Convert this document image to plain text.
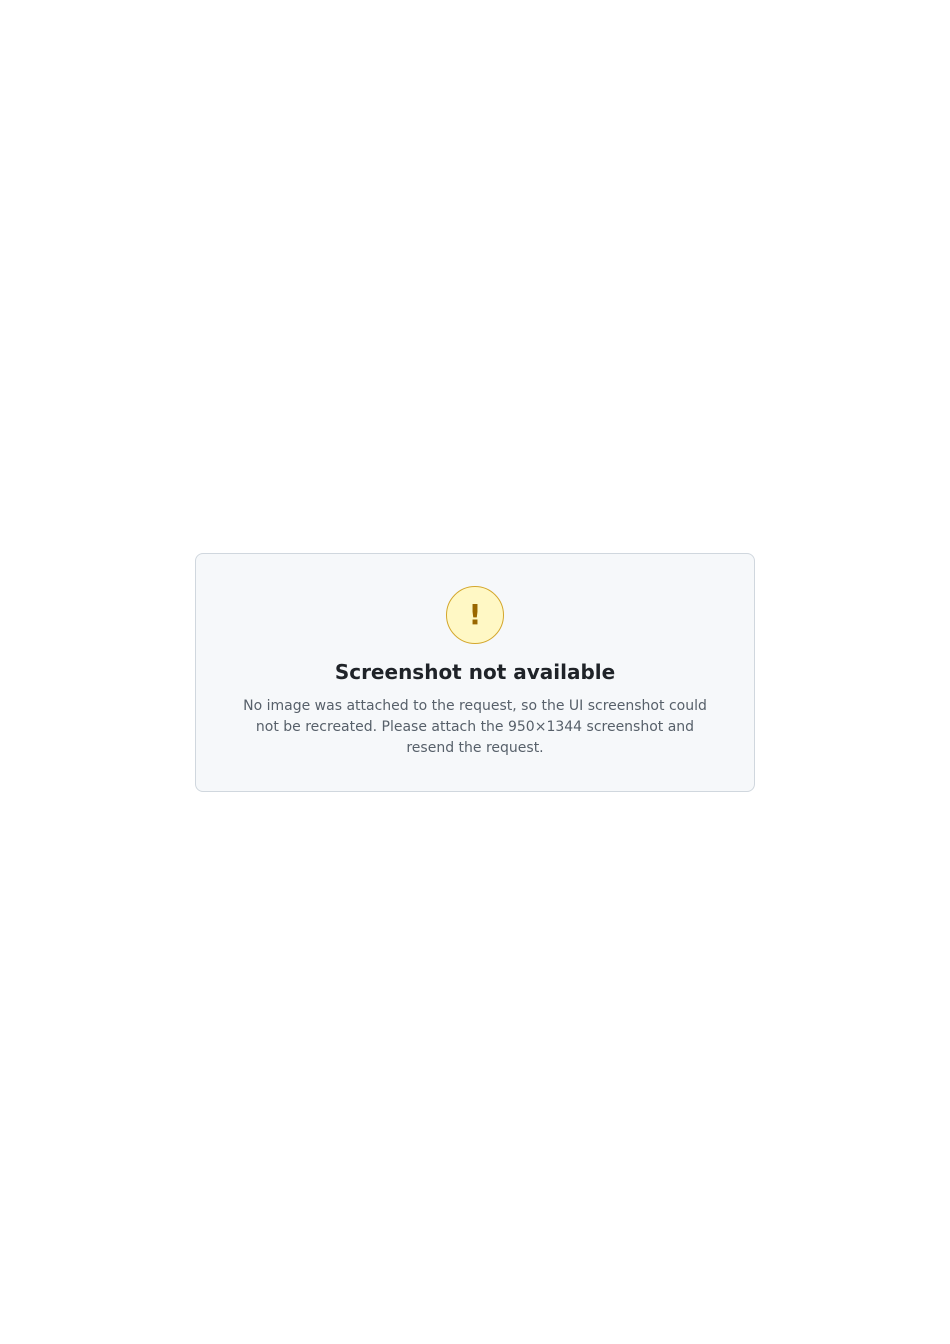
!
Screenshot not available

No image was attached to the request, so the UI screenshot could not be recreated. Please attach the 950×1344 screenshot and resend the request.
